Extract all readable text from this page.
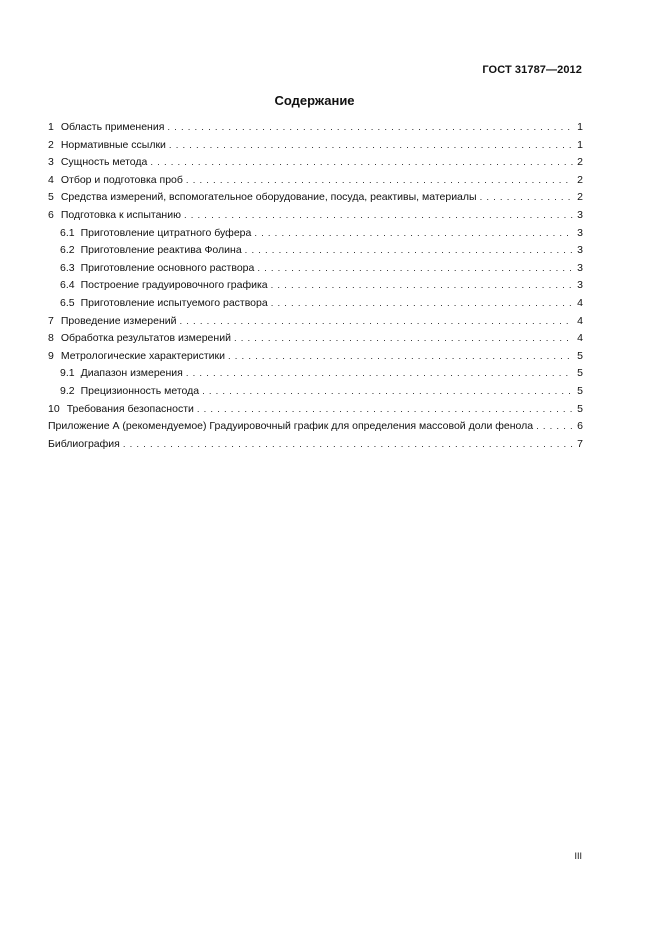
ГОСТ 31787—2012
Содержание
1 Область применения . . .	1
2 Нормативные ссылки . . .	1
3 Сущность метода . . .	2
4 Отбор и подготовка проб . . .	2
5 Средства измерений, вспомогательное оборудование, посуда, реактивы, материалы . . .	2
6 Подготовка к испытанию . . .	3
6.1 Приготовление цитратного буфера . . .	3
6.2 Приготовление реактива Фолина . . .	3
6.3 Приготовление основного раствора . . .	3
6.4 Построение градуировочного графика . . .	3
6.5 Приготовление испытуемого раствора . . .	4
7 Проведение измерений . . .	4
8 Обработка результатов измерений . . .	4
9 Метрологические характеристики . . .	5
9.1 Диапазон измерения . . .	5
9.2 Прецизионность метода . . .	5
10 Требования безопасности . . .	5
Приложение А (рекомендуемое) Градуировочный график для определения массовой доли фенола . . .	6
Библиография . . .	7
III
